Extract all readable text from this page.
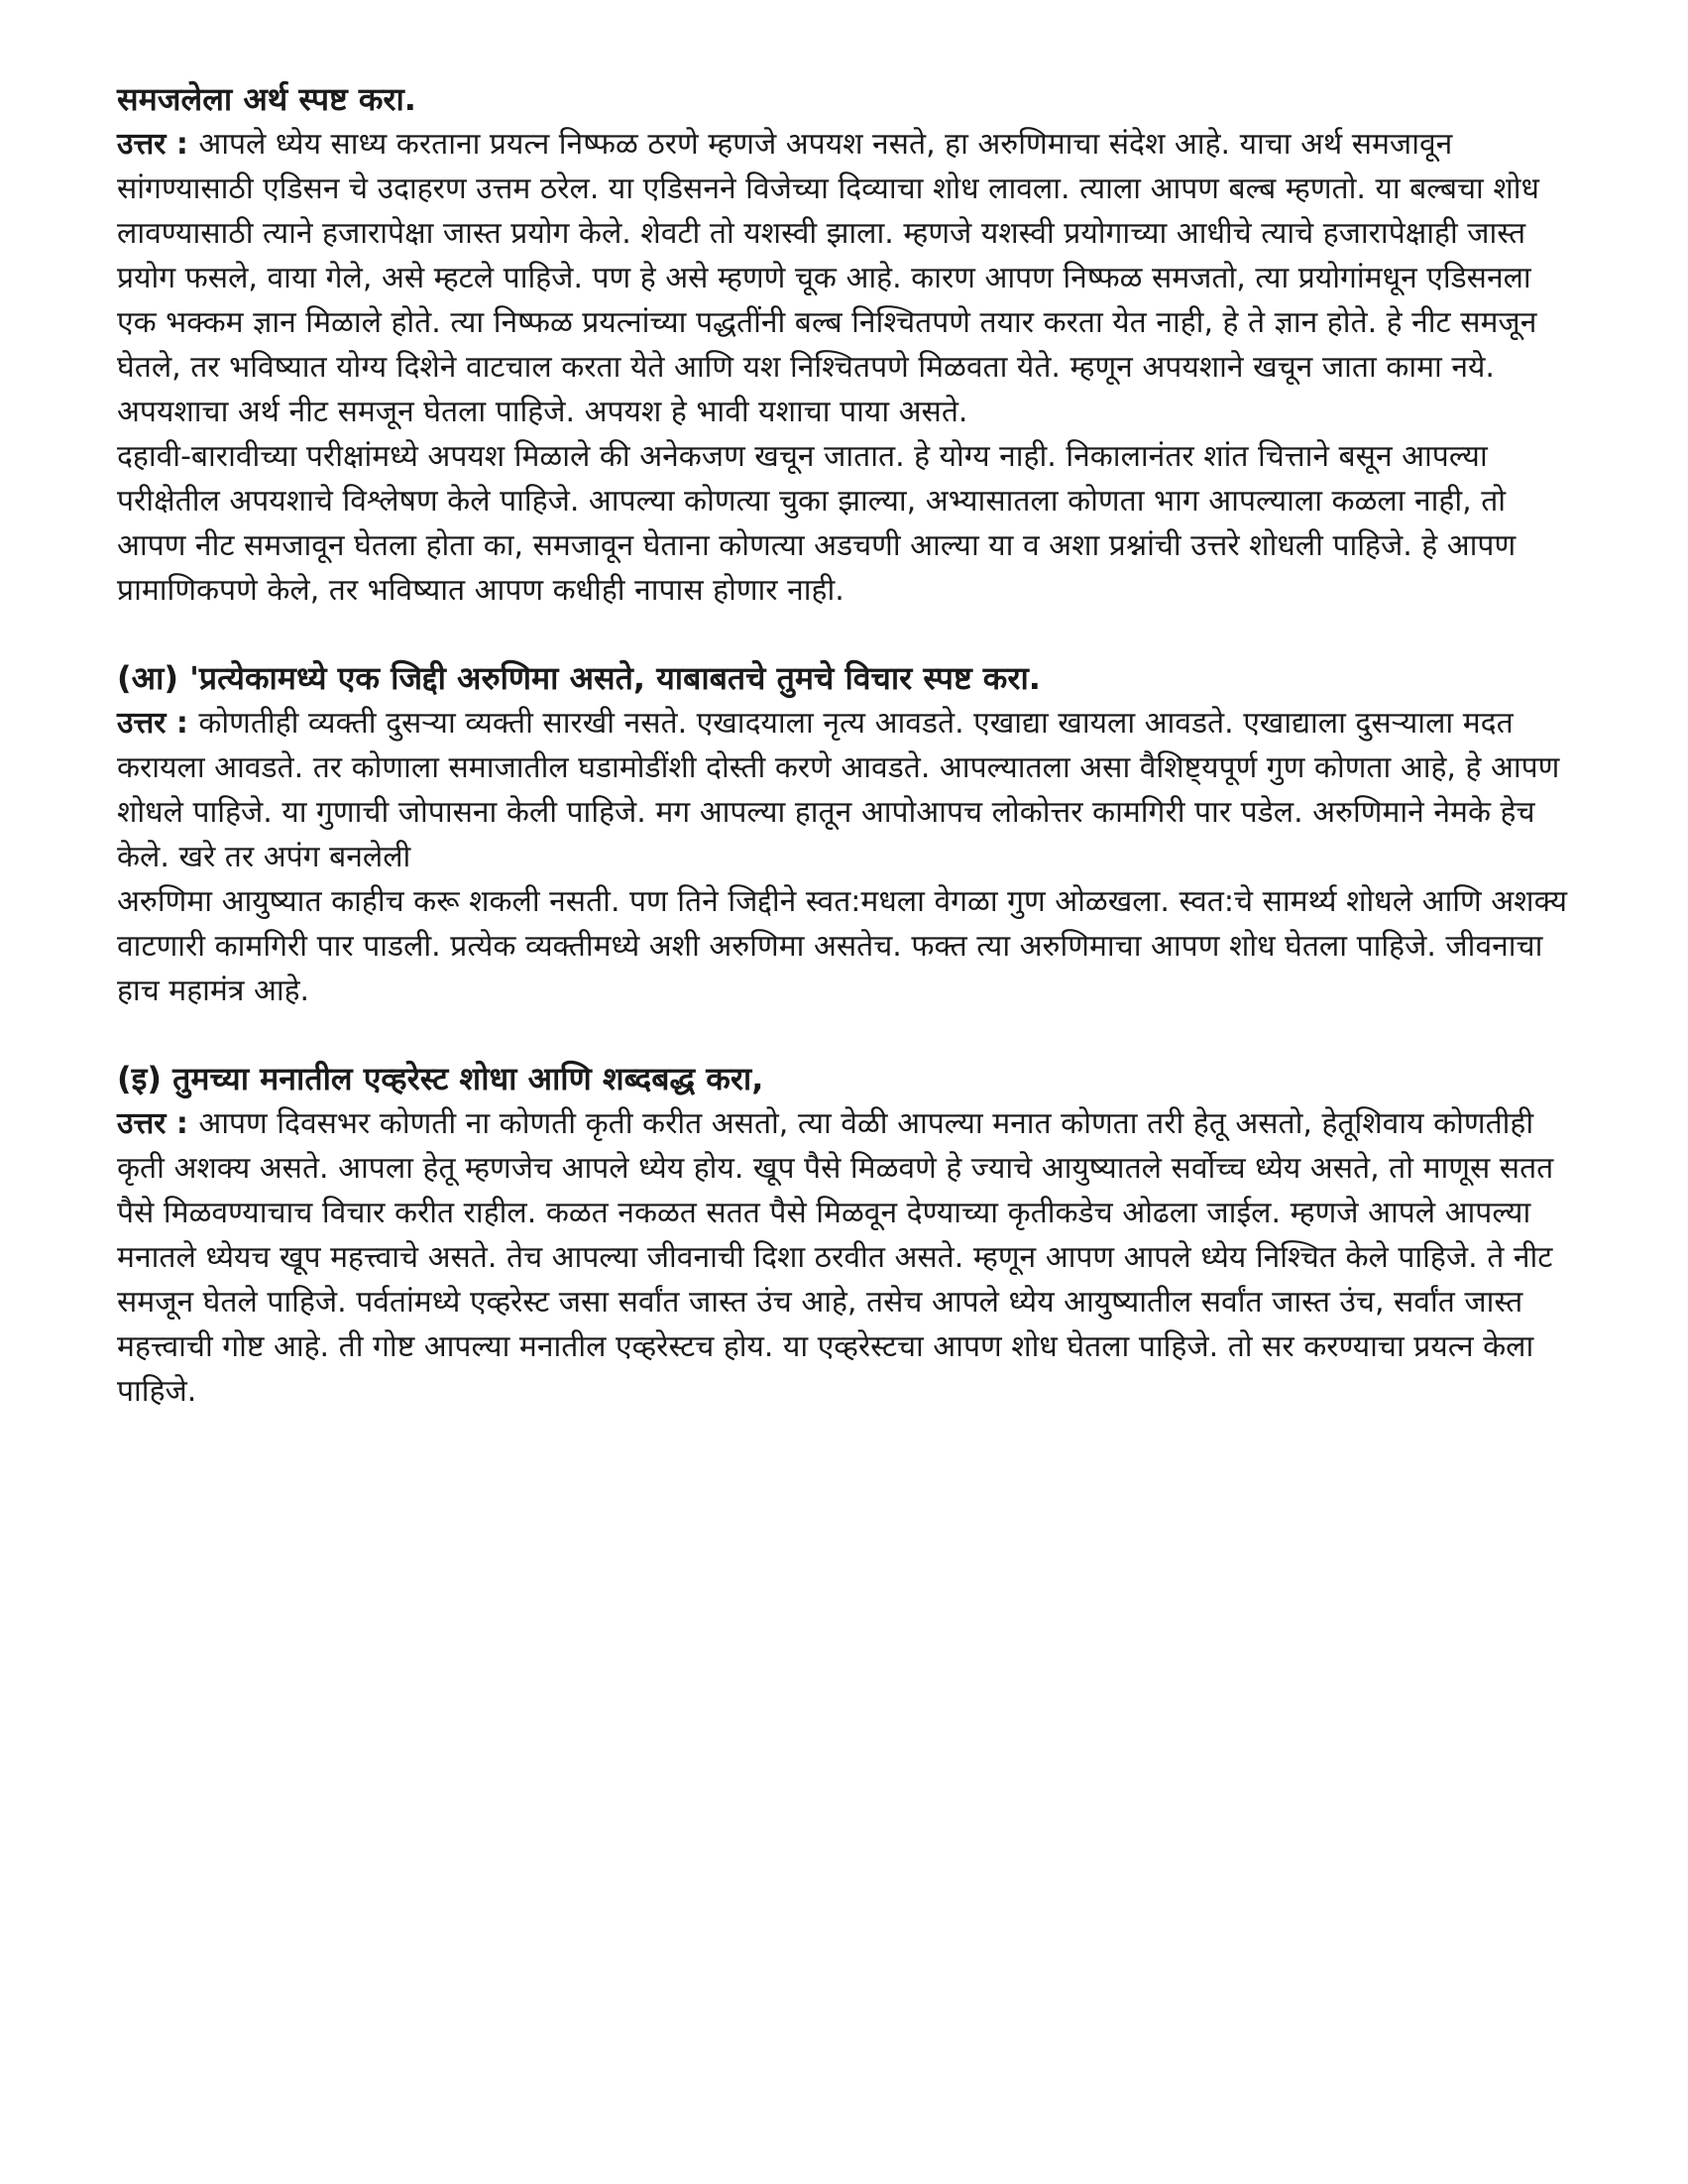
समजलेला अर्थ स्पष्ट करा.

उत्तर : आपले ध्येय साध्य करताना प्रयत्न निष्फळ ठरणे म्हणजे अपयश नसते, हा अरुणिमाचा संदेश आहे. याचा अर्थ समजावून सांगण्यासाठी एडिसन चे उदाहरण उत्तम ठरेल. या एडिसनने विजेच्या दिव्याचा शोध लावला. त्याला आपण बल्ब म्हणतो. या बल्बचा शोध लावण्यासाठी त्याने हजारापेक्षा जास्त प्रयोग केले. शेवटी तो यशस्वी झाला. म्हणजे यशस्वी प्रयोगाच्या आधीचे त्याचे हजारापेक्षाही जास्त प्रयोग फसले, वाया गेले, असे म्हटले पाहिजे. पण हे असे म्हणणे चूक आहे. कारण आपण निष्फळ समजतो, त्या प्रयोगांमधून एडिसनला एक भक्कम ज्ञान मिळाले होते. त्या निष्फळ प्रयत्नांच्या पद्धतींनी बल्ब निश्चितपणे तयार करता येत नाही, हे ते ज्ञान होते. हे नीट समजून घेतले, तर भविष्यात योग्य दिशेने वाटचाल करता येते आणि यश निश्चितपणे मिळवता येते. म्हणून अपयशाने खचून जाता कामा नये. अपयशाचा अर्थ नीट समजून घेतला पाहिजे. अपयश हे भावी यशाचा पाया असते.

दहावी-बारावीच्या परीक्षांमध्ये अपयश मिळाले की अनेकजण खचून जातात. हे योग्य नाही. निकालानंतर शांत चित्ताने बसून आपल्या परीक्षेतील अपयशाचे विश्लेषण केले पाहिजे. आपल्या कोणत्या चुका झाल्या, अभ्यासातला कोणता भाग आपल्याला कळला नाही, तो आपण नीट समजावून घेतला होता का, समजावून घेताना कोणत्या अडचणी आल्या या व अशा प्रश्नांची उत्तरे शोधली पाहिजे. हे आपण प्रामाणिकपणे केले, तर भविष्यात आपण कधीही नापास होणार नाही.

(आ) 'प्रत्येकामध्ये एक जिद्दी अरुणिमा असते, याबाबतचे तुमचे विचार स्पष्ट करा.

उत्तर : कोणतीही व्यक्ती दुसऱ्या व्यक्ती सारखी नसते. एखादयाला नृत्य आवडते. एखाद्या खायला आवडते. एखाद्याला दुसऱ्याला मदत करायला आवडते. तर कोणाला समाजातील घडामोडींशी दोस्ती करणे आवडते. आपल्यातला असा वैशिष्ट्यपूर्ण गुण कोणता आहे, हे आपण शोधले पाहिजे. या गुणाची जोपासना केली पाहिजे. मग आपल्या हातून आपोआपच लोकोत्तर कामगिरी पार पडेल. अरुणिमाने नेमके हेच केले. खरे तर अपंग बनलेली

अरुणिमा आयुष्यात काहीच करू शकली नसती. पण तिने जिद्दीने स्वत:मधला वेगळा गुण ओळखला. स्वत:चे सामर्थ्य शोधले आणि अशक्य वाटणारी कामगिरी पार पाडली. प्रत्येक व्यक्तीमध्ये अशी अरुणिमा असतेच. फक्त त्या अरुणिमाचा आपण शोध घेतला पाहिजे. जीवनाचा हाच महामंत्र आहे.

(इ) तुमच्या मनातील एव्हरेस्ट शोधा आणि शब्दबद्ध करा,

उत्तर : आपण दिवसभर कोणती ना कोणती कृती करीत असतो, त्या वेळी आपल्या मनात कोणता तरी हेतू असतो, हेतूशिवाय कोणतीही कृती अशक्य असते. आपला हेतू म्हणजेच आपले ध्येय होय. खूप पैसे मिळवणे हे ज्याचे आयुष्यातले सर्वोच्च ध्येय असते, तो माणूस सतत पैसे मिळवण्याचाच विचार करीत राहील. कळत नकळत सतत पैसे मिळवून देण्याच्या कृतीकडेच ओढला जाईल. म्हणजे आपले आपल्या मनातले ध्येयच खूप महत्त्वाचे असते. तेच आपल्या जीवनाची दिशा ठरवीत असते. म्हणून आपण आपले ध्येय निश्चित केले पाहिजे. ते नीट समजून घेतले पाहिजे. पर्वतांमध्ये एव्हरेस्ट जसा सर्वांत जास्त उंच आहे, तसेच आपले ध्येय आयुष्यातील सर्वांत जास्त उंच, सर्वांत जास्त महत्त्वाची गोष्ट आहे. ती गोष्ट आपल्या मनातील एव्हरेस्टच होय. या एव्हरेस्टचा आपण शोध घेतला पाहिजे. तो सर करण्याचा प्रयत्न केला पाहिजे.
